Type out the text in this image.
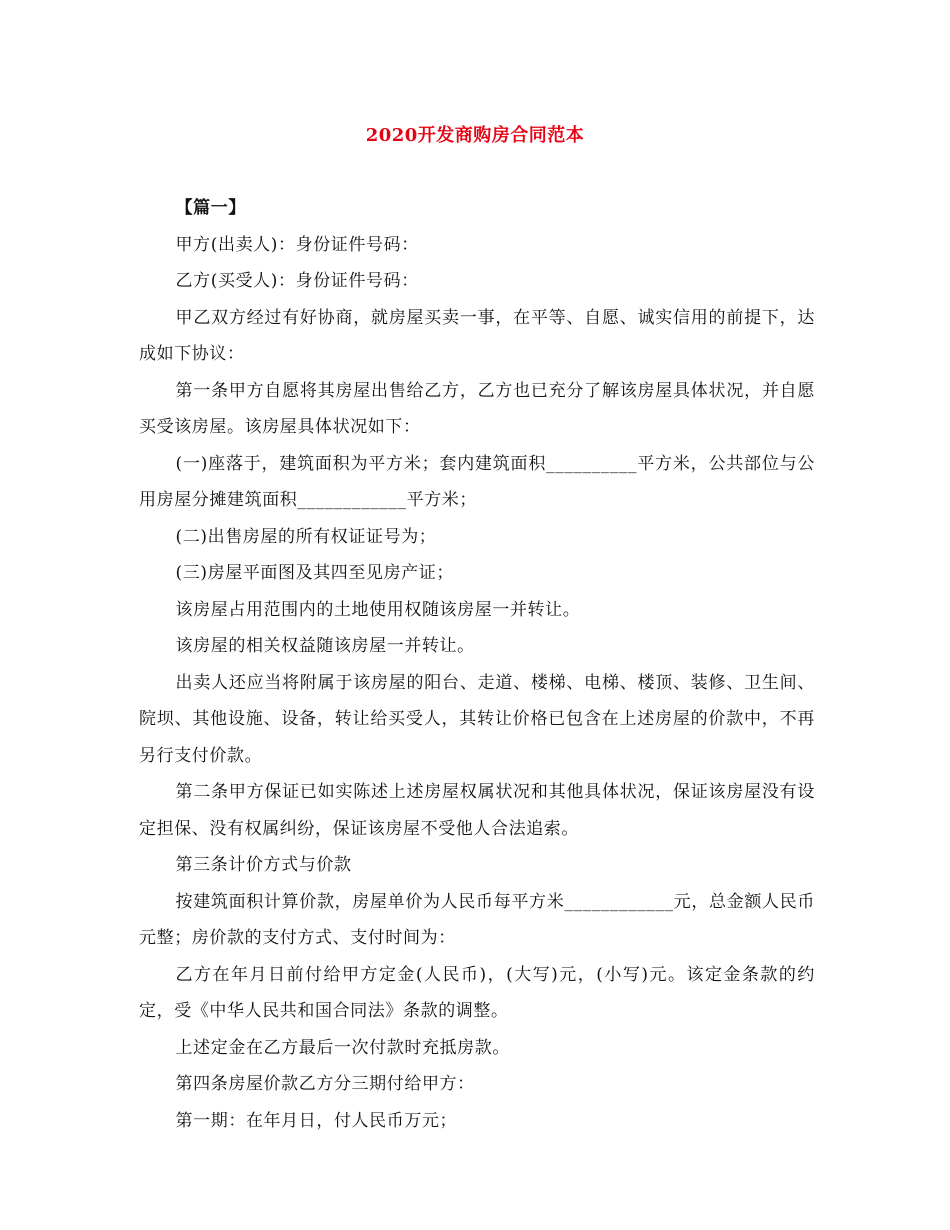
2020开发商购房合同范本

【篇一】

甲方(出卖人)：身份证件号码：

乙方(买受人)：身份证件号码：

甲乙双方经过有好协商，就房屋买卖一事，在平等、自愿、诚实信用的前提下，达成如下协议：

第一条甲方自愿将其房屋出售给乙方，乙方也已充分了解该房屋具体状况，并自愿买受该房屋。该房屋具体状况如下：

(一)座落于，建筑面积为平方米；套内建筑面积__________平方米，公共部位与公用房屋分摊建筑面积____________平方米；

(二)出售房屋的所有权证证号为；

(三)房屋平面图及其四至见房产证；

该房屋占用范围内的土地使用权随该房屋一并转让。

该房屋的相关权益随该房屋一并转让。

出卖人还应当将附属于该房屋的阳台、走道、楼梯、电梯、楼顶、装修、卫生间、院坝、其他设施、设备，转让给买受人，其转让价格已包含在上述房屋的价款中，不再另行支付价款。

第二条甲方保证已如实陈述上述房屋权属状况和其他具体状况，保证该房屋没有设定担保、没有权属纠纷，保证该房屋不受他人合法追索。

第三条计价方式与价款

按建筑面积计算价款，房屋单价为人民币每平方米____________元，总金额人民币元整；房价款的支付方式、支付时间为：

乙方在年月日前付给甲方定金(人民币)，(大写)元，(小写)元。该定金条款的约定，受《中华人民共和国合同法》条款的调整。

上述定金在乙方最后一次付款时充抵房款。

第四条房屋价款乙方分三期付给甲方：

第一期：在年月日，付人民币万元；
